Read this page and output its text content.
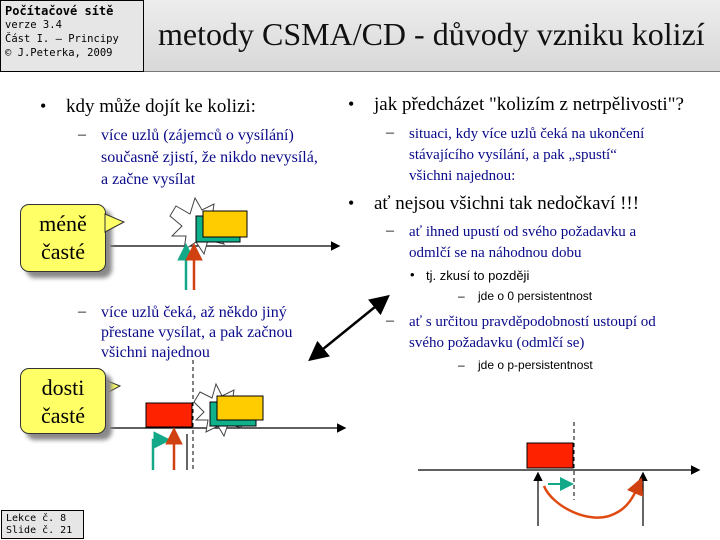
Počítačové sítě
verze 3.4
Část I. – Principy
© J.Peterka, 2009
metody CSMA/CD - důvody vzniku kolizí
• kdy může dojít ke kolizi:
– více uzlů (zájemců o vysílání)
současně zjistí, že nikdo nevysílá,
a začne vysílat
– více uzlů čeká, až někdo jiný
přestane vysílat, a pak začnou
všichni najednou
• jak předcházet "kolizím z netrpělivosti"?
– situaci, kdy více uzlů čeká na ukončení
stávajícího vysílání, a pak „spustí“
všichni najednou:
• ať nejsou všichni tak nedočkaví !!!
– ať ihned upustí od svého požadavku a
odmlčí se na náhodnou dobu
• tj. zkusí to později
– jde o 0 persistentnost
– ať s určitou pravděpodobností ustoupí od
svého požadavku (odmlčí se)
– jde o p-persistentnost
méně
časté
dosti
časté
Lekce č. 8
Slide č. 21
